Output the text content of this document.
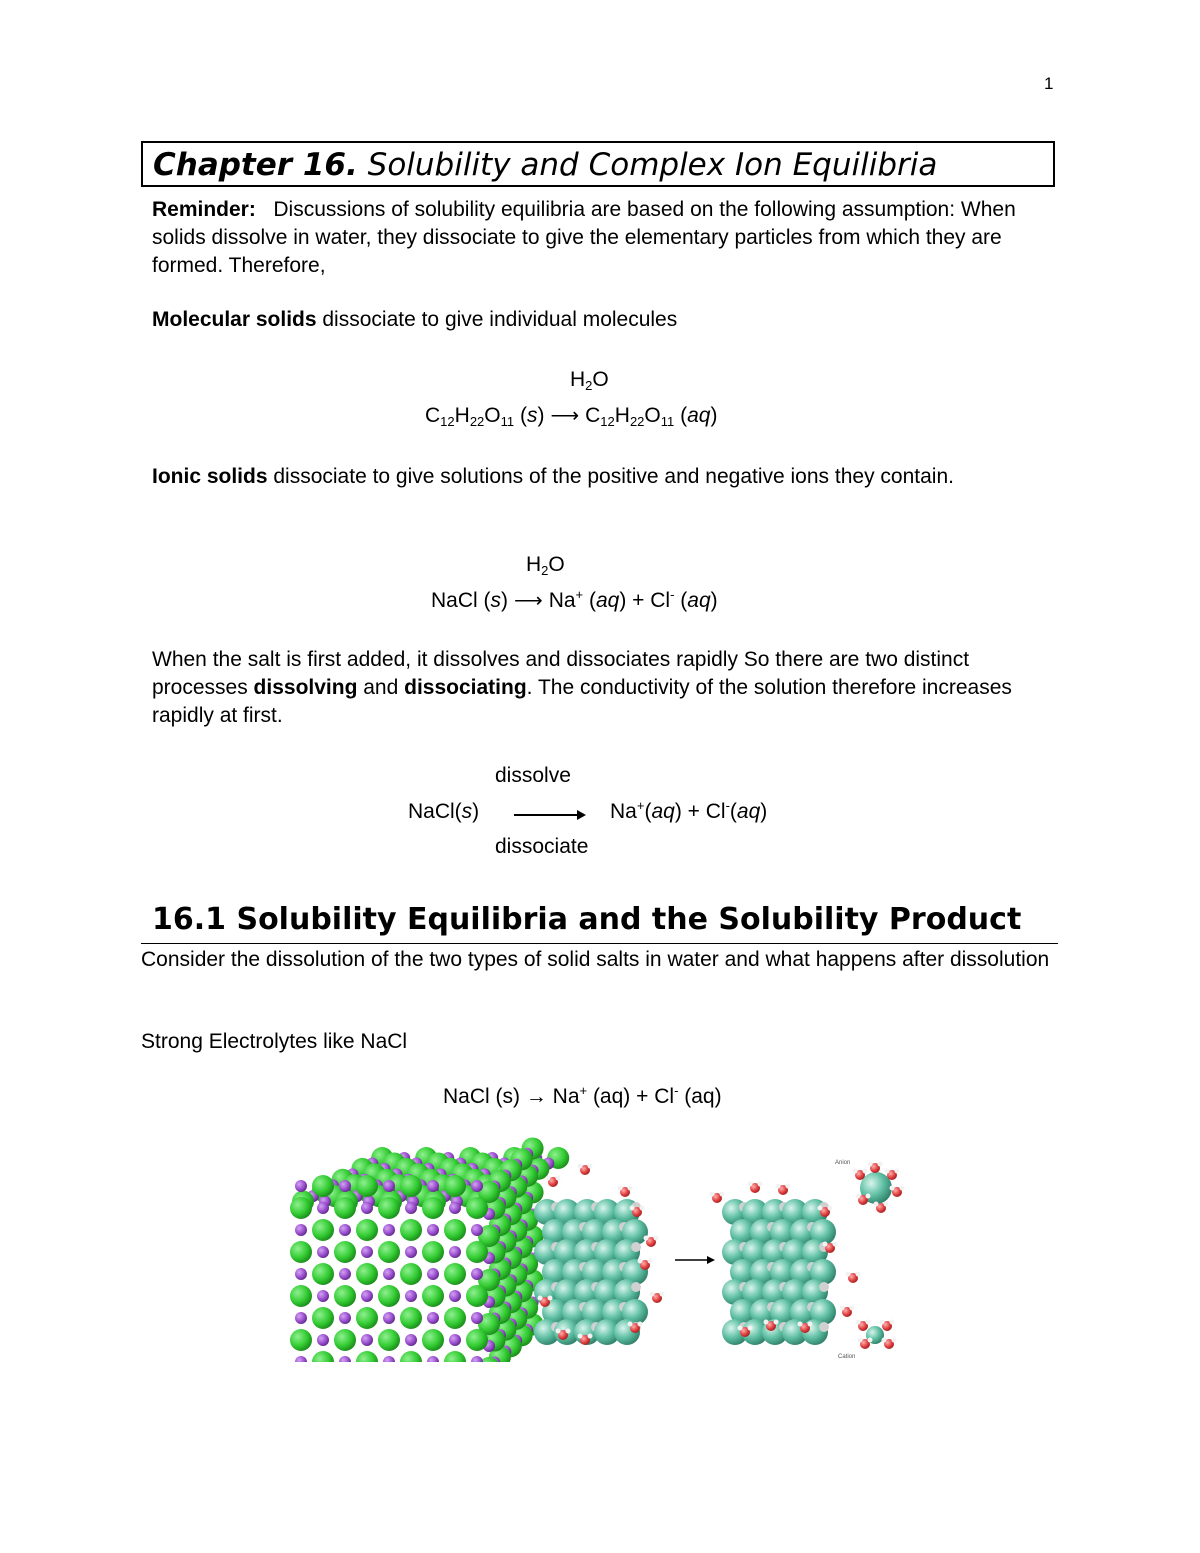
1
Chapter 16. Solubility and Complex Ion Equilibria
Reminder:   Discussions of solubility equilibria are based on the following assumption: When solids dissolve in water, they dissociate to give the elementary particles from which they are formed. Therefore,
Molecular solids dissociate to give individual molecules
$H_2O$
$C_{12}H_{22}O_{11}$ (s) ⟶ $C_{12}H_{22}O_{11}$ (aq)
Ionic solids dissociate to give solutions of the positive and negative ions they contain.
$H_2O$
NaCl (s) ⟶ Na+ (aq) + Cl- (aq)
When the salt is first added, it dissolves and dissociates rapidly So there are two distinct processes dissolving and dissociating. The conductivity of the solution therefore increases rapidly at first.
dissolve
NaCl(s)	Na+(aq) + Cl-(aq)
dissociate
16.1 Solubility Equilibria and the Solubility Product
Consider the dissolution of the two types of solid salts in water and what happens after dissolution
Strong Electrolytes like NaCl
NaCl (s) → Na+ (aq) + Cl- (aq)
Anion
Cation
